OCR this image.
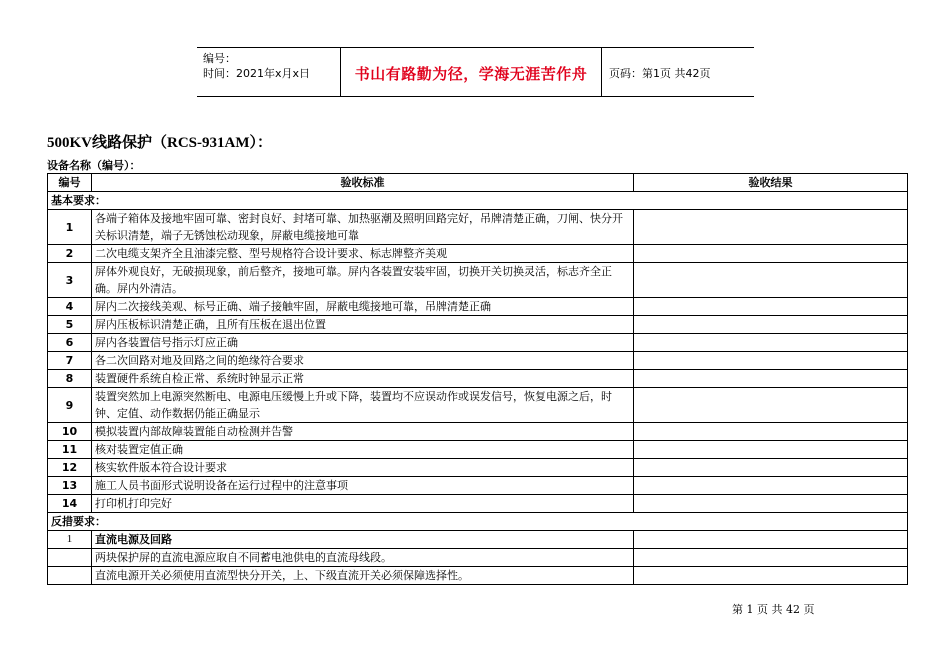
编号：
时间：2021年x月x日	书山有路勤为径，学海无涯苦作舟	页码：第1页 共42页
500KV线路保护（RCS-931AM）：
设备名称（编号）：
编号	验收标准	验收结果
基本要求：		
1	各端子箱体及接地牢固可靠、密封良好、封堵可靠、加热驱潮及照明回路完好，吊牌清楚正确，刀闸、快分开关标识清楚，端子无锈蚀松动现象，屏蔽电缆接地可靠	
2	二次电缆支架齐全且油漆完整、型号规格符合设计要求、标志牌整齐美观	
3	屏体外观良好，无破损现象，前后整齐，接地可靠。屏内各装置安装牢固，切换开关切换灵活，标志齐全正确。屏内外清洁。	
4	屏内二次接线美观、标号正确、端子接触牢固，屏蔽电缆接地可靠，吊牌清楚正确	
5	屏内压板标识清楚正确，且所有压板在退出位置	
6	屏内各装置信号指示灯应正确	
7	各二次回路对地及回路之间的绝缘符合要求	
8	装置硬件系统自检正常、系统时钟显示正常	
9	装置突然加上电源突然断电、电源电压缓慢上升或下降，装置均不应误动作或误发信号，恢复电源之后，时钟、定值、动作数据仍能正确显示	
10	模拟装置内部故障装置能自动检测并告警	
11	核对装置定值正确	
12	核实软件版本符合设计要求	
13	施工人员书面形式说明设备在运行过程中的注意事项	
14	打印机打印完好	
反措要求：		
1	直流电源及回路	
	两块保护屏的直流电源应取自不同蓄电池供电的直流母线段。	
	直流电源开关必须使用直流型快分开关，上、下级直流开关必须保障选择性。	
第 1 页 共 42 页
